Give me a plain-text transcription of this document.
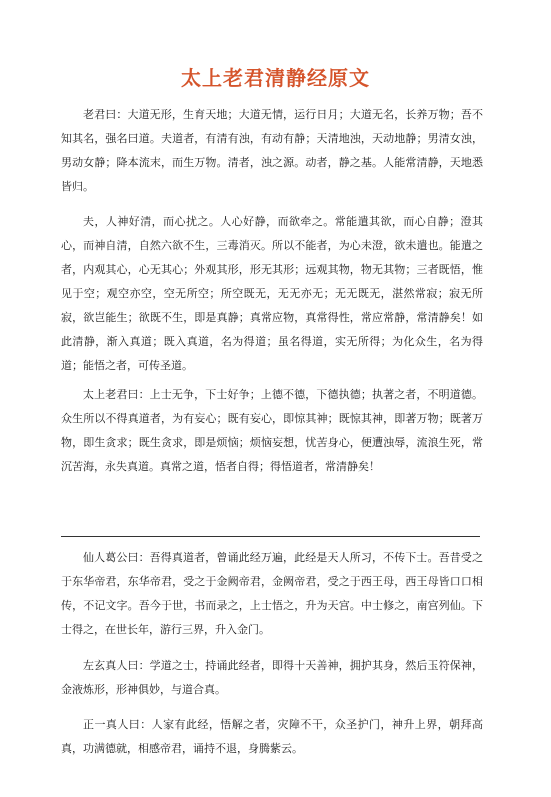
太上老君清静经原文
老君曰：大道无形，生育天地；大道无情，运行日月；大道无名，长养万物；吾不知其名，强名曰道。夫道者，有清有浊，有动有静；天清地浊，天动地静；男清女浊，男动女静；降本流末，而生万物。清者，浊之源。动者，静之基。人能常清静，天地悉皆归。
夫，人神好清，而心扰之。人心好静，而欲牵之。常能遣其欲，而心自静；澄其心，而神自清，自然六欲不生，三毒消灭。所以不能者，为心未澄，欲未遣也。能遣之者，内观其心，心无其心；外观其形，形无其形；远观其物，物无其物；三者既悟，惟见于空；观空亦空，空无所空；所空既无，无无亦无；无无既无，湛然常寂；寂无所寂，欲岂能生；欲既不生，即是真静；真常应物，真常得性，常应常静，常清静矣！如此清静，渐入真道；既入真道，名为得道；虽名得道，实无所得；为化众生，名为得道；能悟之者，可传圣道。
太上老君曰：上士无争，下士好争；上德不德，下德执德；执著之者，不明道德。众生所以不得真道者，为有妄心；既有妄心，即惊其神；既惊其神，即著万物；既著万物，即生贪求；既生贪求，即是烦恼；烦恼妄想，忧苦身心，便遭浊辱，流浪生死，常沉苦海，永失真道。真常之道，悟者自得；得悟道者，常清静矣！
仙人葛公曰：吾得真道者，曾诵此经万遍，此经是天人所习，不传下士。吾昔受之于东华帝君，东华帝君，受之于金阙帝君，金阙帝君，受之于西王母，西王母皆口口相传，不记文字。吾今于世，书而录之，上士悟之，升为天宫。中士修之，南宫列仙。下士得之，在世长年，游行三界，升入金门。
左玄真人曰：学道之士，持诵此经者，即得十天善神，拥护其身，然后玉符保神，金液炼形，形神俱妙，与道合真。
正一真人曰：人家有此经，悟解之者，灾障不干，众圣护门，神升上界，朝拜高真，功满德就，相感帝君，诵持不退，身腾紫云。
